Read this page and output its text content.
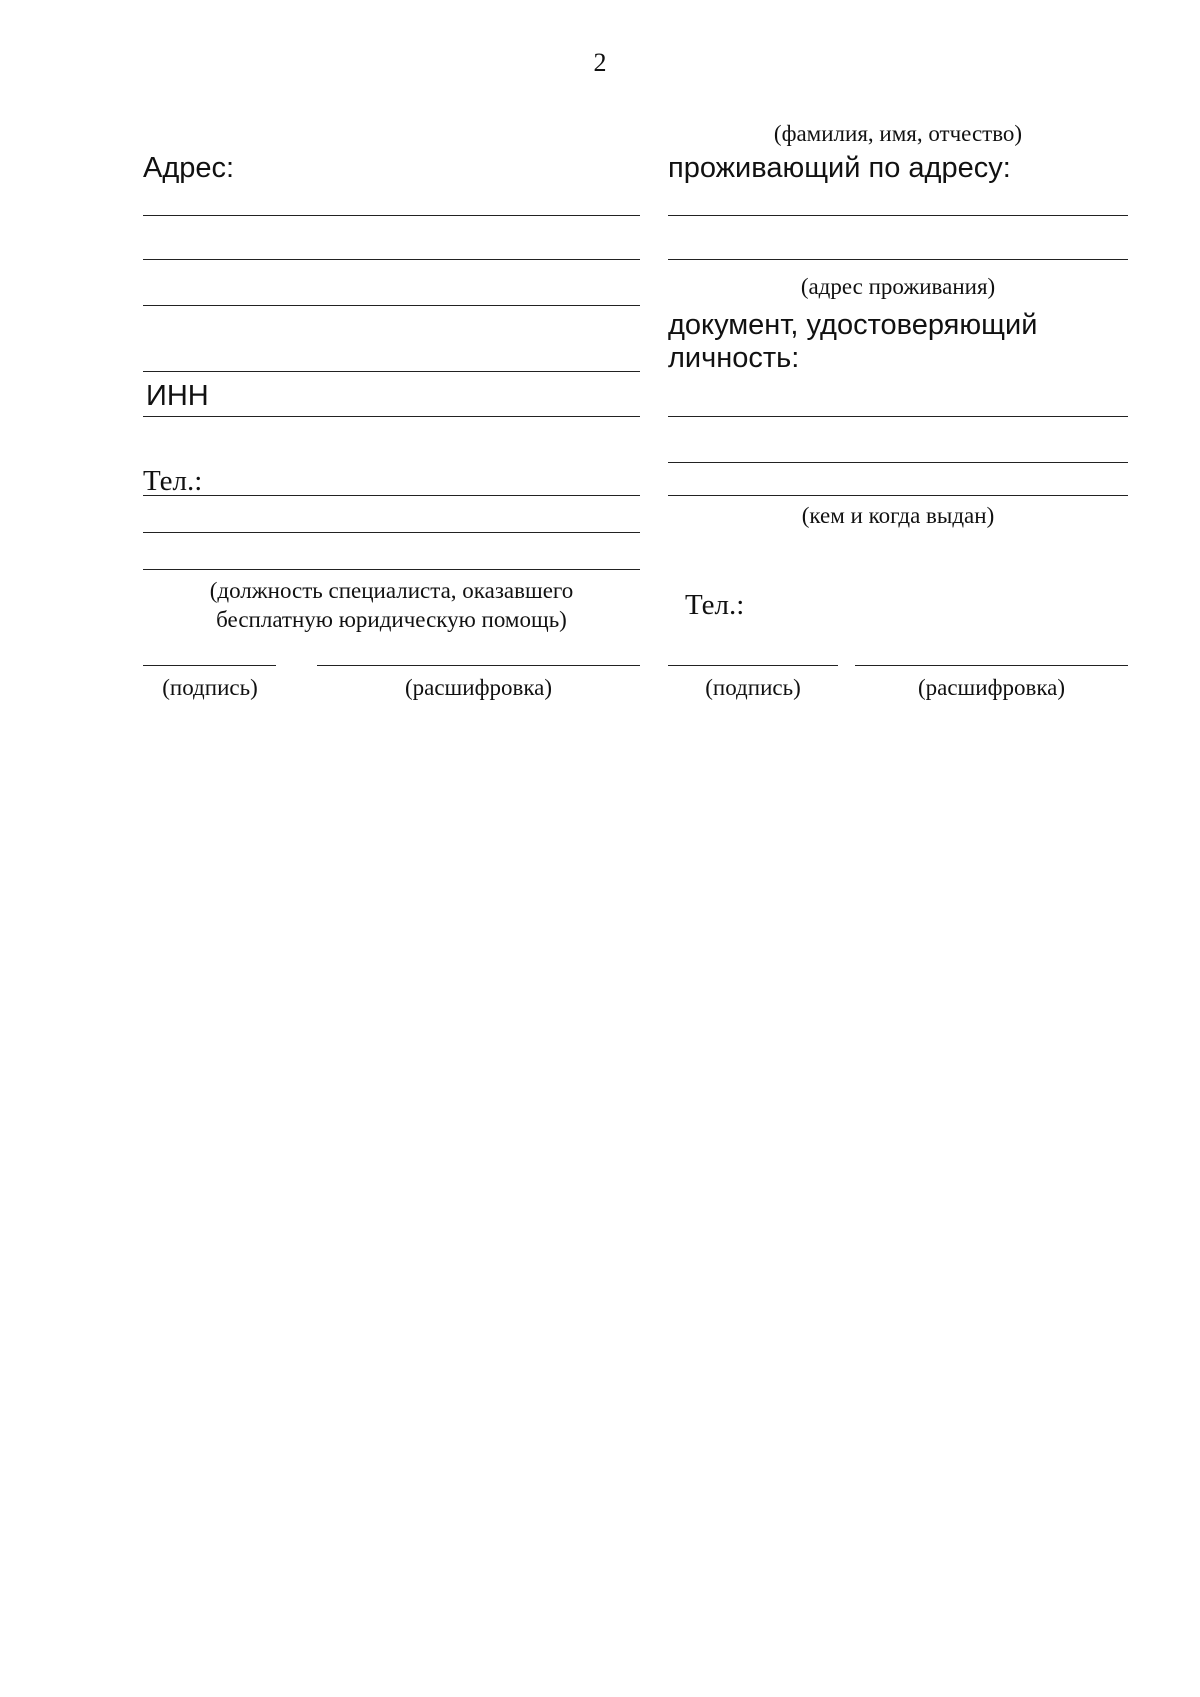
2
Адрес:
ИНН
Тел.:
(должность специалиста, оказавшего
бесплатную юридическую помощь)
(подпись)	(расшифровка)
(фамилия, имя, отчество)
проживающий по адресу:
(адрес проживания)
документ, удостоверяющий
личность:
(кем и когда выдан)
Тел.:
(подпись)	(расшифровка)
